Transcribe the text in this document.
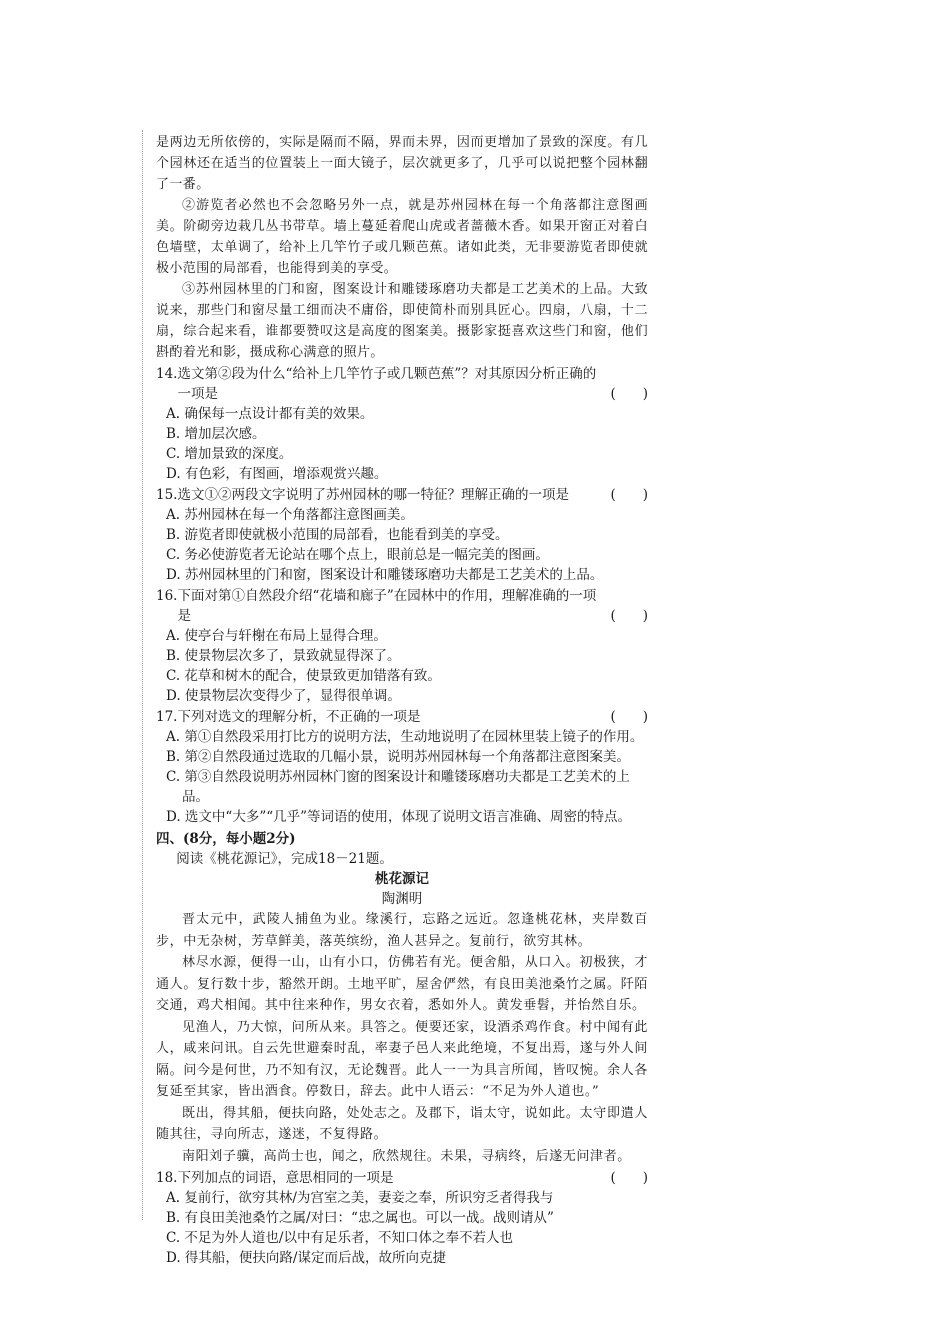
是两边无所依傍的，实际是隔而不隔，界而未界，因而更增加了景致的深度。有几个园林还在适当的位置装上一面大镜子，层次就更多了，几乎可以说把整个园林翻了一番。

②游览者必然也不会忽略另外一点，就是苏州园林在每一个角落都注意图画美。阶砌旁边栽几丛书带草。墙上蔓延着爬山虎或者蔷薇木香。如果开窗正对着白色墙壁，太单调了，给补上几竿竹子或几颗芭蕉。诸如此类，无非要游览者即使就极小范围的局部看，也能得到美的享受。

③苏州园林里的门和窗，图案设计和雕镂琢磨功夫都是工艺美术的上品。大致说来，那些门和窗尽量工细而决不庸俗，即使简朴而别具匠心。四扇，八扇，十二扇，综合起来看，谁都要赞叹这是高度的图案美。摄影家挺喜欢这些门和窗，他们斟酌着光和影，摄成称心满意的照片。

14. 选文第②段为什么“给补上几竿竹子或几颗芭蕉”？对其原因分析正确的一项是	(　　)
A. 确保每一点设计都有美的效果。
B. 增加层次感。
C. 增加景致的深度。
D. 有色彩，有图画，增添观赏兴趣。
15. 选文①②两段文字说明了苏州园林的哪一特征？理解正确的一项是	(　　)
A. 苏州园林在每一个角落都注意图画美。
B. 游览者即使就极小范围的局部看，也能看到美的享受。
C. 务必使游览者无论站在哪个点上，眼前总是一幅完美的图画。
D. 苏州园林里的门和窗，图案设计和雕镂琢磨功夫都是工艺美术的上品。
16. 下面对第①自然段介绍“花墙和廊子”在园林中的作用，理解准确的一项是	(　　)
A. 使亭台与轩榭在布局上显得合理。
B. 使景物层次多了，景致就显得深了。
C. 花草和树木的配合，使景致更加错落有致。
D. 使景物层次变得少了，显得很单调。
17. 下列对选文的理解分析，不正确的一项是	(　　)
A. 第①自然段采用打比方的说明方法，生动地说明了在园林里装上镜子的作用。
B. 第②自然段通过选取的几幅小景，说明苏州园林每一个角落都注意图案美。
C. 第③自然段说明苏州园林门窗的图案设计和雕镂琢磨功夫都是工艺美术的上品。
D. 选文中“大多”“几乎”等词语的使用，体现了说明文语言准确、周密的特点。
四、(8分，每小题2分)
阅读《桃花源记》，完成18－21题。
桃花源记
陶渊明

晋太元中，武陵人捕鱼为业。缘溪行，忘路之远近。忽逢桃花林，夹岸数百步，中无杂树，芳草鲜美，落英缤纷，渔人甚异之。复前行，欲穷其林。

林尽水源，便得一山，山有小口，仿佛若有光。便舍船，从口入。初极狭，才通人。复行数十步，豁然开朗。土地平旷，屋舍俨然，有良田美池桑竹之属。阡陌交通，鸡犬相闻。其中往来种作，男女衣着，悉如外人。黄发垂髫，并怡然自乐。

见渔人，乃大惊，问所从来。具答之。便要还家，设酒杀鸡作食。村中闻有此人，咸来问讯。自云先世避秦时乱，率妻子邑人来此绝境，不复出焉，遂与外人间隔。问今是何世，乃不知有汉，无论魏晋。此人一一为具言所闻，皆叹惋。余人各复延至其家，皆出酒食。停数日，辞去。此中人语云：“不足为外人道也。”

既出，得其船，便扶向路，处处志之。及郡下，诣太守，说如此。太守即遣人随其往，寻向所志，遂迷，不复得路。

南阳刘子骥，高尚士也，闻之，欣然规往。未果，寻病终，后遂无问津者。

18. 下列加点的词语，意思相同的一项是	(　　)
A. 复前行，欲穷其林/为宫室之美，妻妾之奉，所识穷乏者得我与
B. 有良田美池桑竹之属/对曰：“忠之属也。可以一战。战则请从”
C. 不足为外人道也/以中有足乐者，不知口体之奉不若人也
D. 得其船，便扶向路/谋定而后战，故所向克捷
